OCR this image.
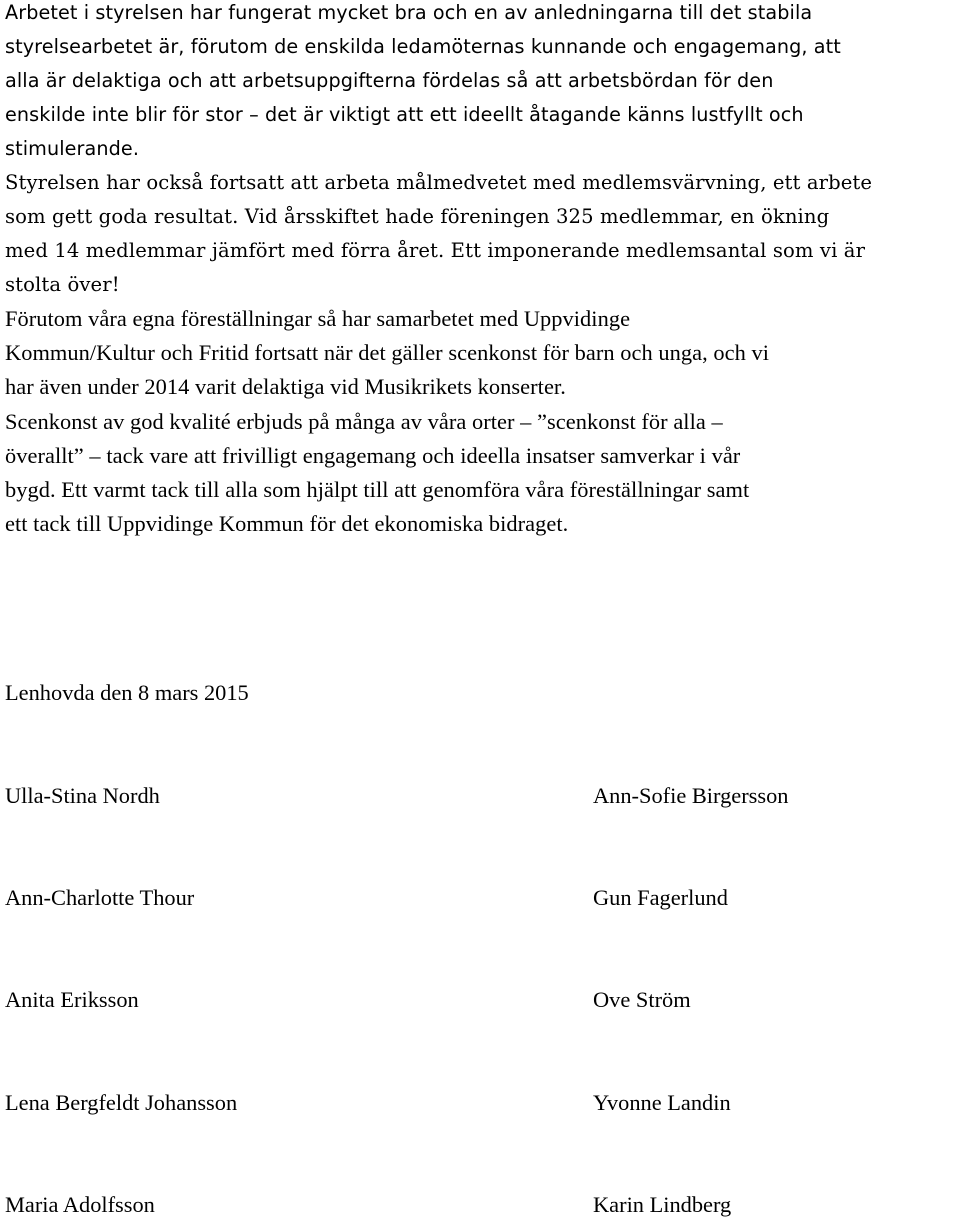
Arbetet i styrelsen har fungerat mycket bra och en av anledningarna till det stabila
styrelsearbetet är, förutom de enskilda ledamöternas kunnande och engagemang, att
alla är delaktiga och att arbetsuppgifterna fördelas så att arbetsbördan för den
enskilde inte blir för stor – det är viktigt att ett ideellt åtagande känns lustfyllt och
stimulerande.
Styrelsen har också fortsatt att arbeta målmedvetet med medlemsvärvning, ett arbete
som gett goda resultat. Vid årsskiftet hade föreningen 325 medlemmar, en ökning
med 14 medlemmar jämfört med förra året. Ett imponerande medlemsantal som vi är
stolta över!
Förutom våra egna föreställningar så har samarbetet med Uppvidinge
Kommun/Kultur och Fritid fortsatt när det gäller scenkonst för barn och unga, och vi
har även under 2014 varit delaktiga vid Musikrikets konserter.
Scenkonst av god kvalité erbjuds på många av våra orter – ”scenkonst för alla –
överallt” – tack vare att frivilligt engagemang och ideella insatser samverkar i vår
bygd. Ett varmt tack till alla som hjälpt till att genomföra våra föreställningar samt
ett tack till Uppvidinge Kommun för det ekonomiska bidraget.
Lenhovda den 8 mars 2015
Ulla-Stina Nordh	Ann-Sofie Birgersson
Ann-Charlotte Thour	Gun Fagerlund
Anita Eriksson	Ove Ström
Lena Bergfeldt Johansson	Yvonne Landin
Maria Adolfsson	Karin Lindberg
